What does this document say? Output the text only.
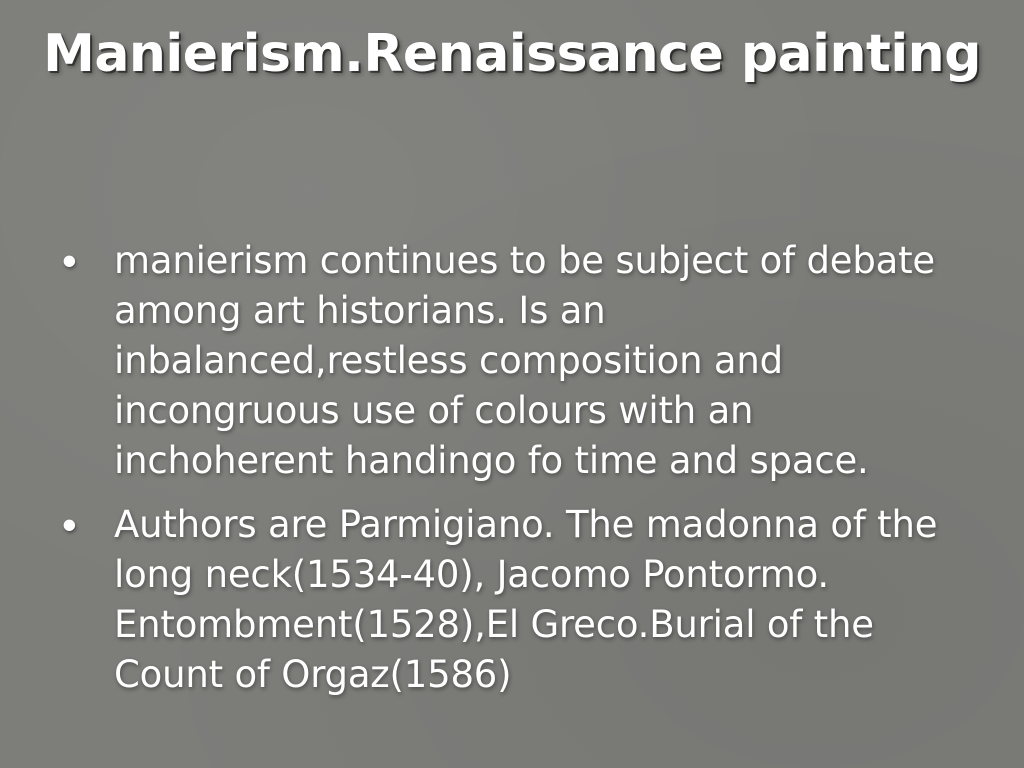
Manierism.Renaissance painting
•	manierism continues to be subject of debate among art historians. Is an inbalanced,restless composition and incongruous use of colours with an inchoherent handingo fo time and space.
•	Authors are Parmigiano. The madonna of the long neck(1534-40), Jacomo Pontormo. Entombment(1528),El Greco.Burial of the Count of Orgaz(1586)
